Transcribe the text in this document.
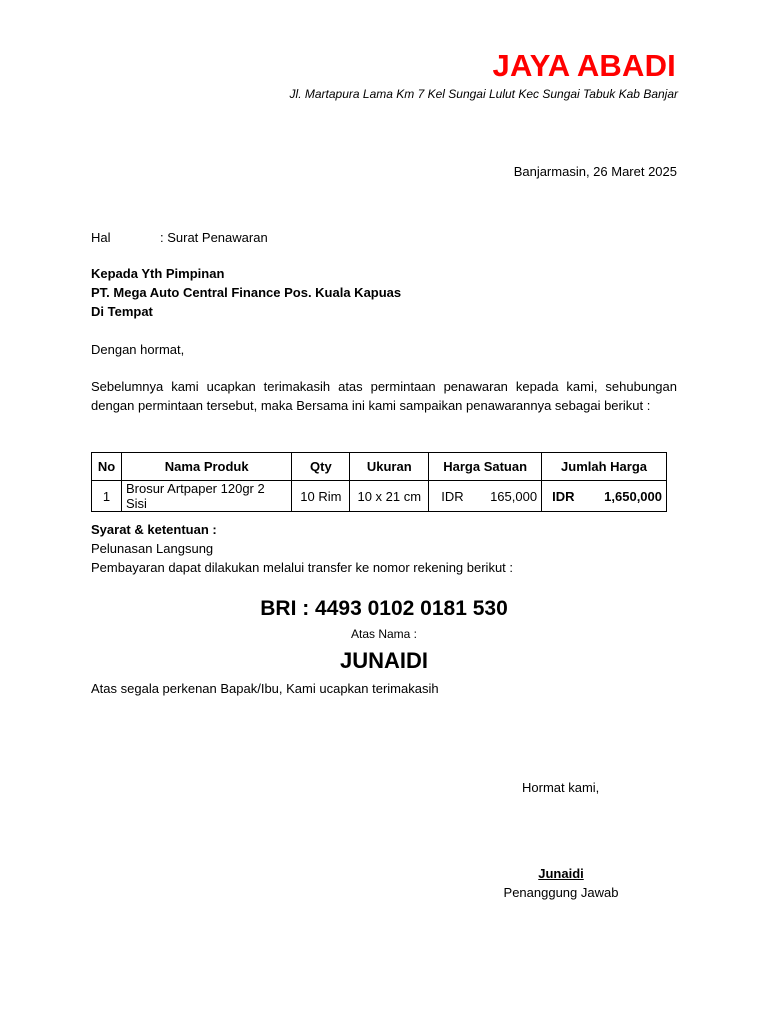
JAYA ABADI
Jl. Martapura Lama Km 7 Kel Sungai Lulut Kec Sungai Tabuk Kab Banjar
Banjarmasin, 26 Maret 2025
Hal	: Surat Penawaran
Kepada Yth Pimpinan
PT. Mega Auto Central Finance Pos. Kuala Kapuas
Di Tempat
Dengan hormat,
Sebelumnya kami ucapkan terimakasih atas permintaan penawaran kepada kami, sehubungan dengan permintaan tersebut, maka Bersama ini kami sampaikan penawarannya sebagai berikut :
No	Nama Produk	Qty	Ukuran	Harga Satuan	Jumlah Harga
1	Brosur Artpaper 120gr 2 Sisi	10 Rim	10 x 21 cm	IDR 165,000	IDR 1,650,000
Syarat & ketentuan :
Pelunasan Langsung
Pembayaran dapat dilakukan melalui transfer ke nomor rekening berikut :
BRI : 4493 0102 0181 530
Atas Nama :
JUNAIDI
Atas segala perkenan Bapak/Ibu, Kami ucapkan terimakasih
Hormat kami,
Junaidi
Penanggung Jawab
